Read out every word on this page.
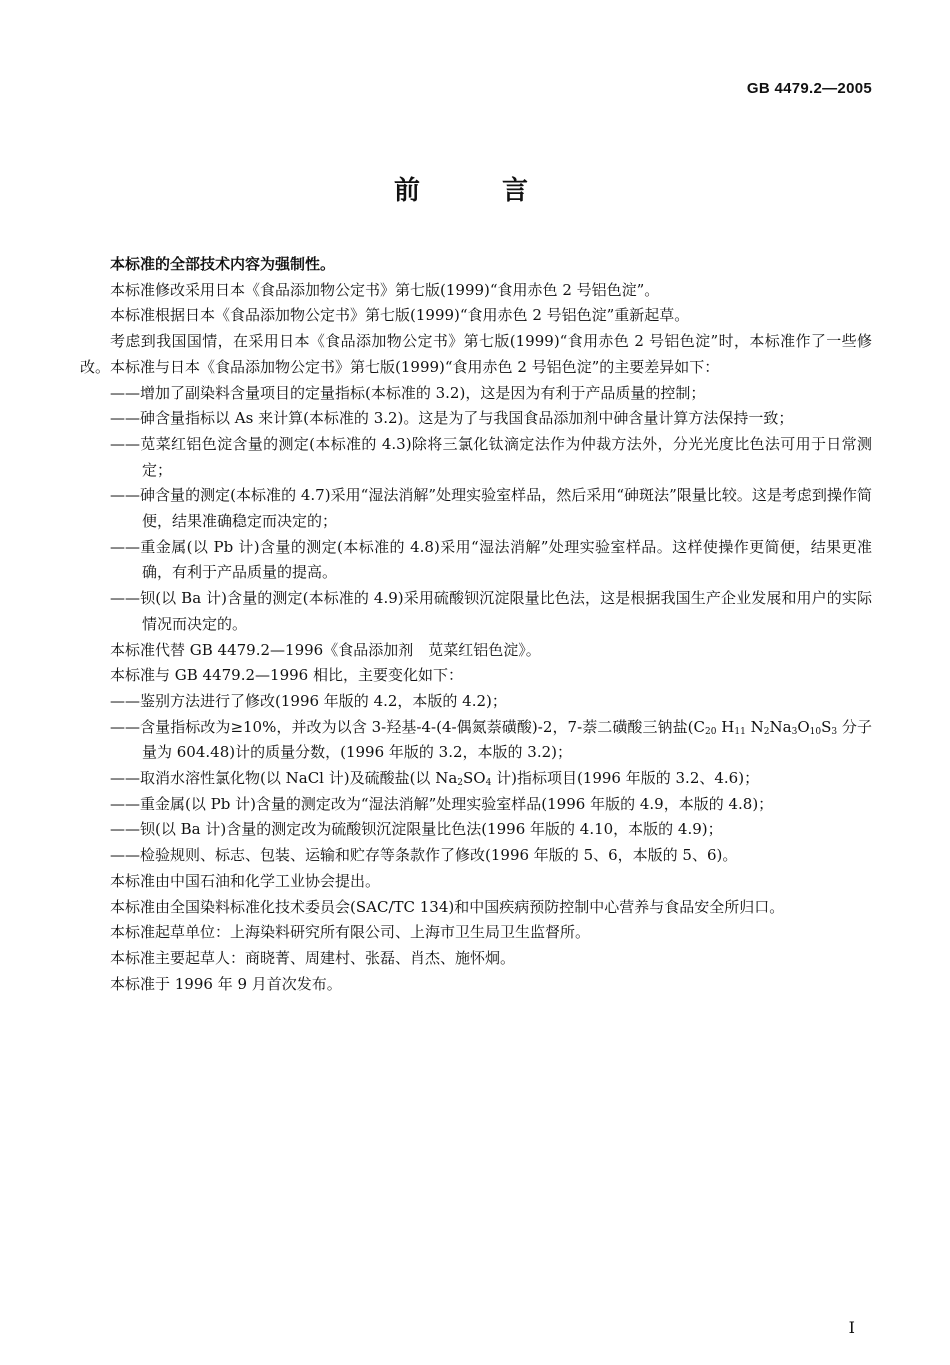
GB 4479.2—2005
前　言

本标准的全部技术内容为强制性。

本标准修改采用日本《食品添加物公定书》第七版(1999)“食用赤色 2 号铝色淀”。

本标准根据日本《食品添加物公定书》第七版(1999)“食用赤色 2 号铝色淀”重新起草。

考虑到我国国情，在采用日本《食品添加物公定书》第七版(1999)“食用赤色 2 号铝色淀”时，本标准作了一些修改。本标准与日本《食品添加物公定书》第七版(1999)“食用赤色 2 号铝色淀”的主要差异如下：

——增加了副染料含量项目的定量指标(本标准的 3.2)，这是因为有利于产品质量的控制；

——砷含量指标以 As 来计算(本标准的 3.2)。这是为了与我国食品添加剂中砷含量计算方法保持一致；

——苋菜红铝色淀含量的测定(本标准的 4.3)除将三氯化钛滴定法作为仲裁方法外，分光光度比色法可用于日常测定；

——砷含量的测定(本标准的 4.7)采用“湿法消解”处理实验室样品，然后采用“砷斑法”限量比较。这是考虑到操作简便，结果准确稳定而决定的；

——重金属(以 Pb 计)含量的测定(本标准的 4.8)采用“湿法消解”处理实验室样品。这样使操作更简便，结果更准确，有利于产品质量的提高。

——钡(以 Ba 计)含量的测定(本标准的 4.9)采用硫酸钡沉淀限量比色法，这是根据我国生产企业发展和用户的实际情况而决定的。

本标准代替 GB 4479.2—1996《食品添加剂　苋菜红铝色淀》。

本标准与 GB 4479.2—1996 相比，主要变化如下：

——鉴别方法进行了修改(1996 年版的 4.2，本版的 4.2)；

——含量指标改为≥10%，并改为以含 3-羟基-4-(4-偶氮萘磺酸)-2，7-萘二磺酸三钠盐($C_{20}$ $H_{11}$ $N_2Na_3O_{10}S_3$ 分子量为 604.48)计的质量分数，(1996 年版的 3.2，本版的 3.2)；

——取消水溶性氯化物(以 NaCl 计)及硫酸盐(以 $Na_2SO_4$ 计)指标项目(1996 年版的 3.2、4.6)；

——重金属(以 Pb 计)含量的测定改为“湿法消解”处理实验室样品(1996 年版的 4.9，本版的 4.8)；

——钡(以 Ba 计)含量的测定改为硫酸钡沉淀限量比色法(1996 年版的 4.10，本版的 4.9)；

——检验规则、标志、包装、运输和贮存等条款作了修改(1996 年版的 5、6，本版的 5、6)。

本标准由中国石油和化学工业协会提出。

本标准由全国染料标准化技术委员会(SAC/TC 134)和中国疾病预防控制中心营养与食品安全所归口。

本标准起草单位：上海染料研究所有限公司、上海市卫生局卫生监督所。

本标准主要起草人：商晓菁、周建村、张磊、肖杰、施怀炯。

本标准于 1996 年 9 月首次发布。

I
